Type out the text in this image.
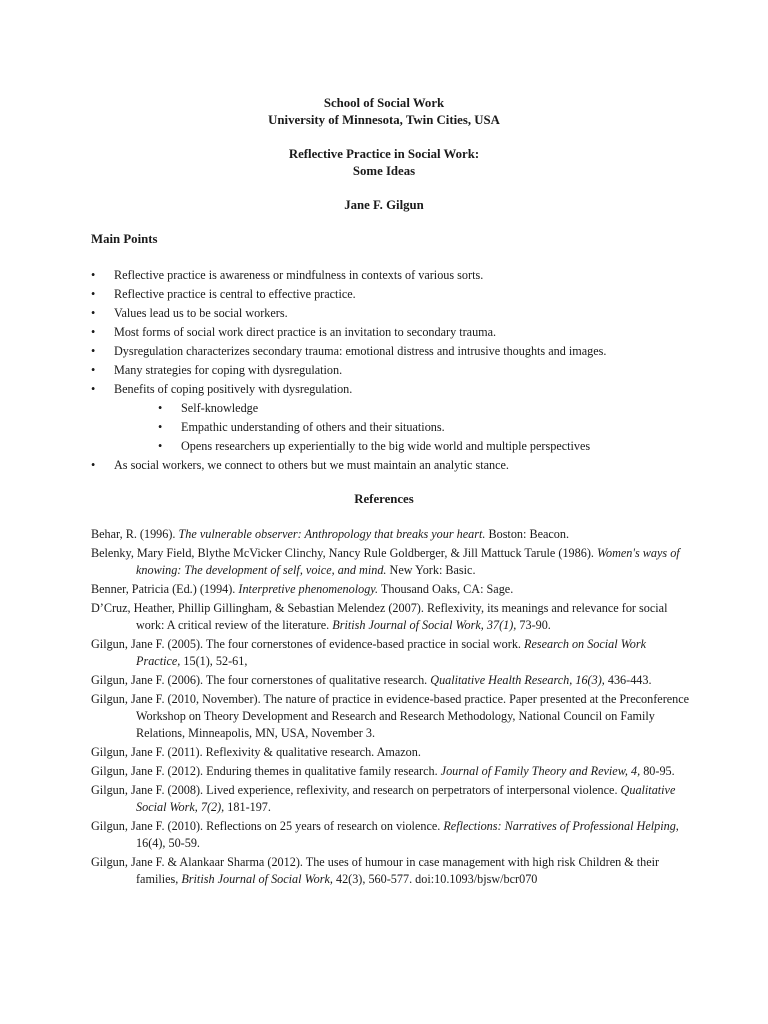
School of Social Work
University of Minnesota, Twin Cities, USA
Reflective Practice in Social Work:
Some Ideas
Jane F. Gilgun
Main Points
• Reflective practice is awareness or mindfulness in contexts of various sorts.
• Reflective practice is central to effective practice.
• Values lead us to be social workers.
• Most forms of social work direct practice is an invitation to secondary trauma.
• Dysregulation characterizes secondary trauma: emotional distress and intrusive thoughts and images.
• Many strategies for coping with dysregulation.
• Benefits of coping positively with dysregulation.
• Self-knowledge
• Empathic understanding of others and their situations.
• Opens researchers up experientially to the big wide world and multiple perspectives
• As social workers, we connect to others but we must maintain an analytic stance.
References
Behar, R. (1996). The vulnerable observer: Anthropology that breaks your heart. Boston: Beacon.
Belenky, Mary Field, Blythe McVicker Clinchy, Nancy Rule Goldberger, & Jill Mattuck Tarule (1986). Women's ways of knowing: The development of self, voice, and mind. New York: Basic.
Benner, Patricia (Ed.) (1994). Interpretive phenomenology. Thousand Oaks, CA: Sage.
D’Cruz, Heather, Phillip Gillingham, & Sebastian Melendez (2007). Reflexivity, its meanings and relevance for social work: A critical review of the literature. British Journal of Social Work, 37(1), 73-90.
Gilgun, Jane F. (2005). The four cornerstones of evidence-based practice in social work. Research on Social Work Practice, 15(1), 52-61,
Gilgun, Jane F. (2006). The four cornerstones of qualitative research. Qualitative Health Research, 16(3), 436-443.
Gilgun, Jane F. (2010, November). The nature of practice in evidence-based practice. Paper presented at the Preconference Workshop on Theory Development and Research and Research Methodology, National Council on Family Relations, Minneapolis, MN, USA, November 3.
Gilgun, Jane F. (2011). Reflexivity & qualitative research. Amazon.
Gilgun, Jane F. (2012). Enduring themes in qualitative family research. Journal of Family Theory and Review, 4, 80-95.
Gilgun, Jane F. (2008). Lived experience, reflexivity, and research on perpetrators of interpersonal violence. Qualitative Social Work, 7(2), 181-197.
Gilgun, Jane F. (2010). Reflections on 25 years of research on violence. Reflections: Narratives of Professional Helping, 16(4), 50-59.
Gilgun, Jane F. & Alankaar Sharma (2012). The uses of humour in case management with high risk Children & their families, British Journal of Social Work, 42(3), 560-577. doi:10.1093/bjsw/bcr070
